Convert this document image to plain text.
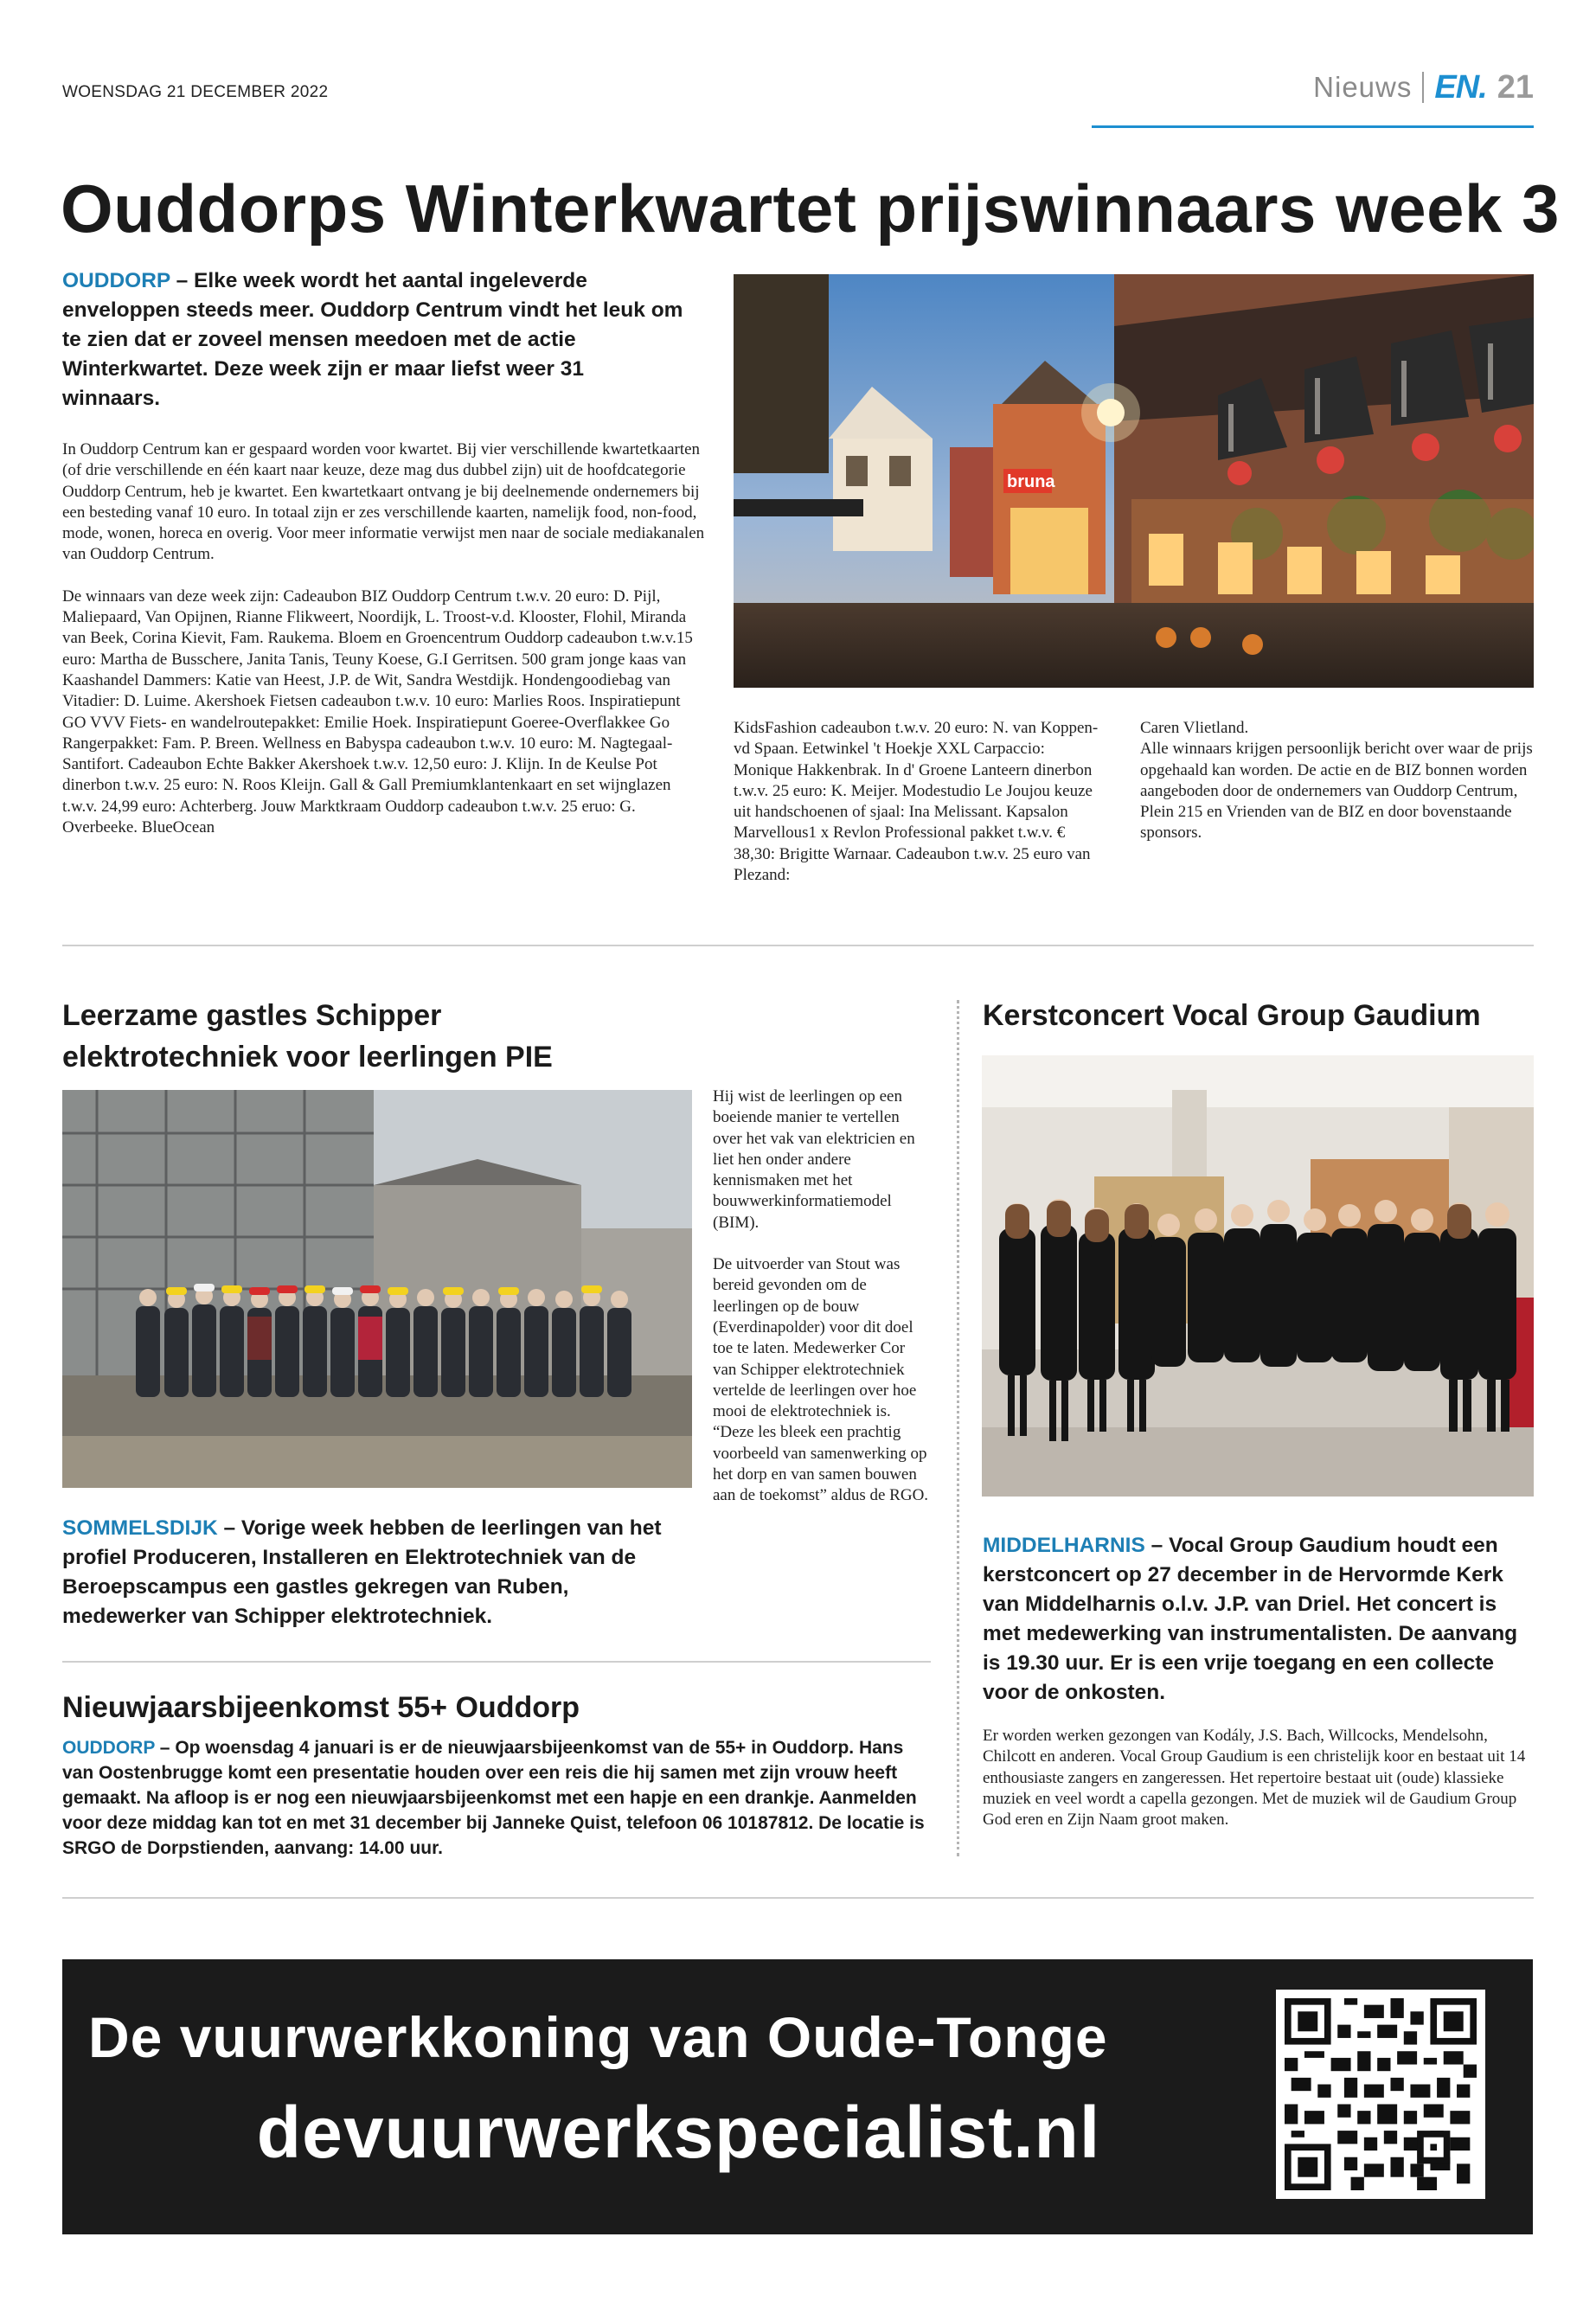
WOENSDAG 21 DECEMBER 2022	Nieuws EN. 21
Ouddorps Winterkwartet prijswinnaars week 3
OUDDORP – Elke week wordt het aantal ingeleverde enveloppen steeds meer. Ouddorp Centrum vindt het leuk om te zien dat er zoveel mensen meedoen met de actie Winterkwartet. Deze week zijn er maar liefst weer 31 winnaars.

In Ouddorp Centrum kan er gespaard worden voor kwartet. Bij vier verschillende kwartetkaarten (of drie verschillende en één kaart naar keuze, deze mag dus dubbel zijn) uit de hoofdcategorie Ouddorp Centrum, heb je kwartet. Een kwartetkaart ontvang je bij deelnemende ondernemers bij een besteding vanaf 10 euro. In totaal zijn er zes verschillende kaarten, namelijk food, non-food, mode, wonen, horeca en overig. Voor meer informatie verwijst men naar de sociale mediakanalen van Ouddorp Centrum.

De winnaars van deze week zijn: Cadeaubon BIZ Ouddorp Centrum t.w.v. 20 euro: D. Pijl, Maliepaard, Van Opijnen, Rianne Flikweert, Noordijk, L. Troost-v.d. Klooster, Flohil, Miranda van Beek, Corina Kievit, Fam. Raukema. Bloem en Groencentrum Ouddorp cadeaubon t.w.v.15 euro: Martha de Busschere, Janita Tanis, Teuny Koese, G.I Gerritsen. 500 gram jonge kaas van Kaashandel Dammers: Katie van Heest, J.P. de Wit, Sandra Westdijk. Hondengoodiebag van Vitadier: D. Luime. Akershoek Fietsen cadeaubon t.w.v. 10 euro: Marlies Roos. Inspiratiepunt GO VVV Fiets- en wandelroutepakket: Emilie Hoek. Inspiratiepunt Goeree-Overflakkee Go Rangerpakket: Fam. P. Breen. Wellness en Babyspa cadeaubon t.w.v. 10 euro: M. Nagtegaal-Santifort. Cadeaubon Echte Bakker Akershoek t.w.v. 12,50 euro: J. Klijn. In de Keulse Pot dinerbon t.w.v. 25 euro: N. Roos Kleijn. Gall & Gall Premiumklantenkaart en set wijnglazen t.w.v. 24,99 euro: Achterberg. Jouw Marktkraam Ouddorp cadeaubon t.w.v. 25 eruo: G. Overbeeke. BlueOcean

bruna
KidsFashion cadeaubon t.w.v. 20 euro: N. van Koppen-vd Spaan. Eetwinkel 't Hoekje XXL Carpaccio: Monique Hakkenbrak. In d' Groene Lanteern dinerbon t.w.v. 25 euro: K. Meijer. Modestudio Le Joujou keuze uit handschoenen of sjaal: Ina Melissant. Kapsalon Marvellous1 x Revlon Professional pakket t.w.v. € 38,30: Brigitte Warnaar. Cadeaubon t.w.v. 25 euro van Plezand:
Caren Vlietland.
Alle winnaars krijgen persoonlijk bericht over waar de prijs opgehaald kan worden. De actie en de BIZ bonnen worden aangeboden door de ondernemers van Ouddorp Centrum, Plein 215 en Vrienden van de BIZ en door bovenstaande sponsors.
Leerzame gastles Schipper
elektrotechniek voor leerlingen PIE
SOMMELSDIJK – Vorige week hebben de leerlingen van het profiel Produceren, Installeren en Elektrotechniek van de Beroepscampus een gastles gekregen van Ruben, medewerker van Schipper elektrotechniek.

Hij wist de leerlingen op een boeiende manier te vertellen over het vak van elektricien en liet hen onder andere kennismaken met het bouwwerkinformatiemodel (BIM).

De uitvoerder van Stout was bereid gevonden om de leerlingen op de bouw (Everdinapolder) voor dit doel toe te laten. Medewerker Cor van Schipper elektrotechniek vertelde de leerlingen over hoe mooi de elektrotechniek is. “Deze les bleek een prachtig voorbeeld van samenwerking op het dorp en van samen bouwen aan de toekomst” aldus de RGO.

Nieuwjaarsbijeenkomst 55+ Ouddorp
OUDDORP – Op woensdag 4 januari is er de nieuwjaarsbijeenkomst van de 55+ in Ouddorp. Hans van Oostenbrugge komt een presentatie houden over een reis die hij samen met zijn vrouw heeft gemaakt. Na afloop is er nog een nieuwjaarsbijeenkomst met een hapje en een drankje. Aanmelden voor deze middag kan tot en met 31 december bij Janneke Quist, telefoon 06 10187812. De locatie is SRGO de Dorpstienden, aanvang: 14.00 uur.
Kerstconcert Vocal Group Gaudium
MIDDELHARNIS – Vocal Group Gaudium houdt een kerstconcert op 27 december in de Hervormde Kerk van Middelharnis o.l.v. J.P. van Driel. Het concert is met medewerking van instrumentalisten. De aanvang is 19.30 uur. Er is een vrije toegang en een collecte voor de onkosten.
Er worden werken gezongen van Kodály, J.S. Bach, Willcocks, Mendelsohn, Chilcott en anderen. Vocal Group Gaudium is een christelijk koor en bestaat uit 14 enthousiaste zangers en zangeressen. Het repertoire bestaat uit (oude) klassieke muziek en veel wordt a capella gezongen. Met de muziek wil de Gaudium Group God eren en Zijn Naam groot maken.
De vuurwerkkoning van Oude-Tonge
devuurwerkspecialist.nl
